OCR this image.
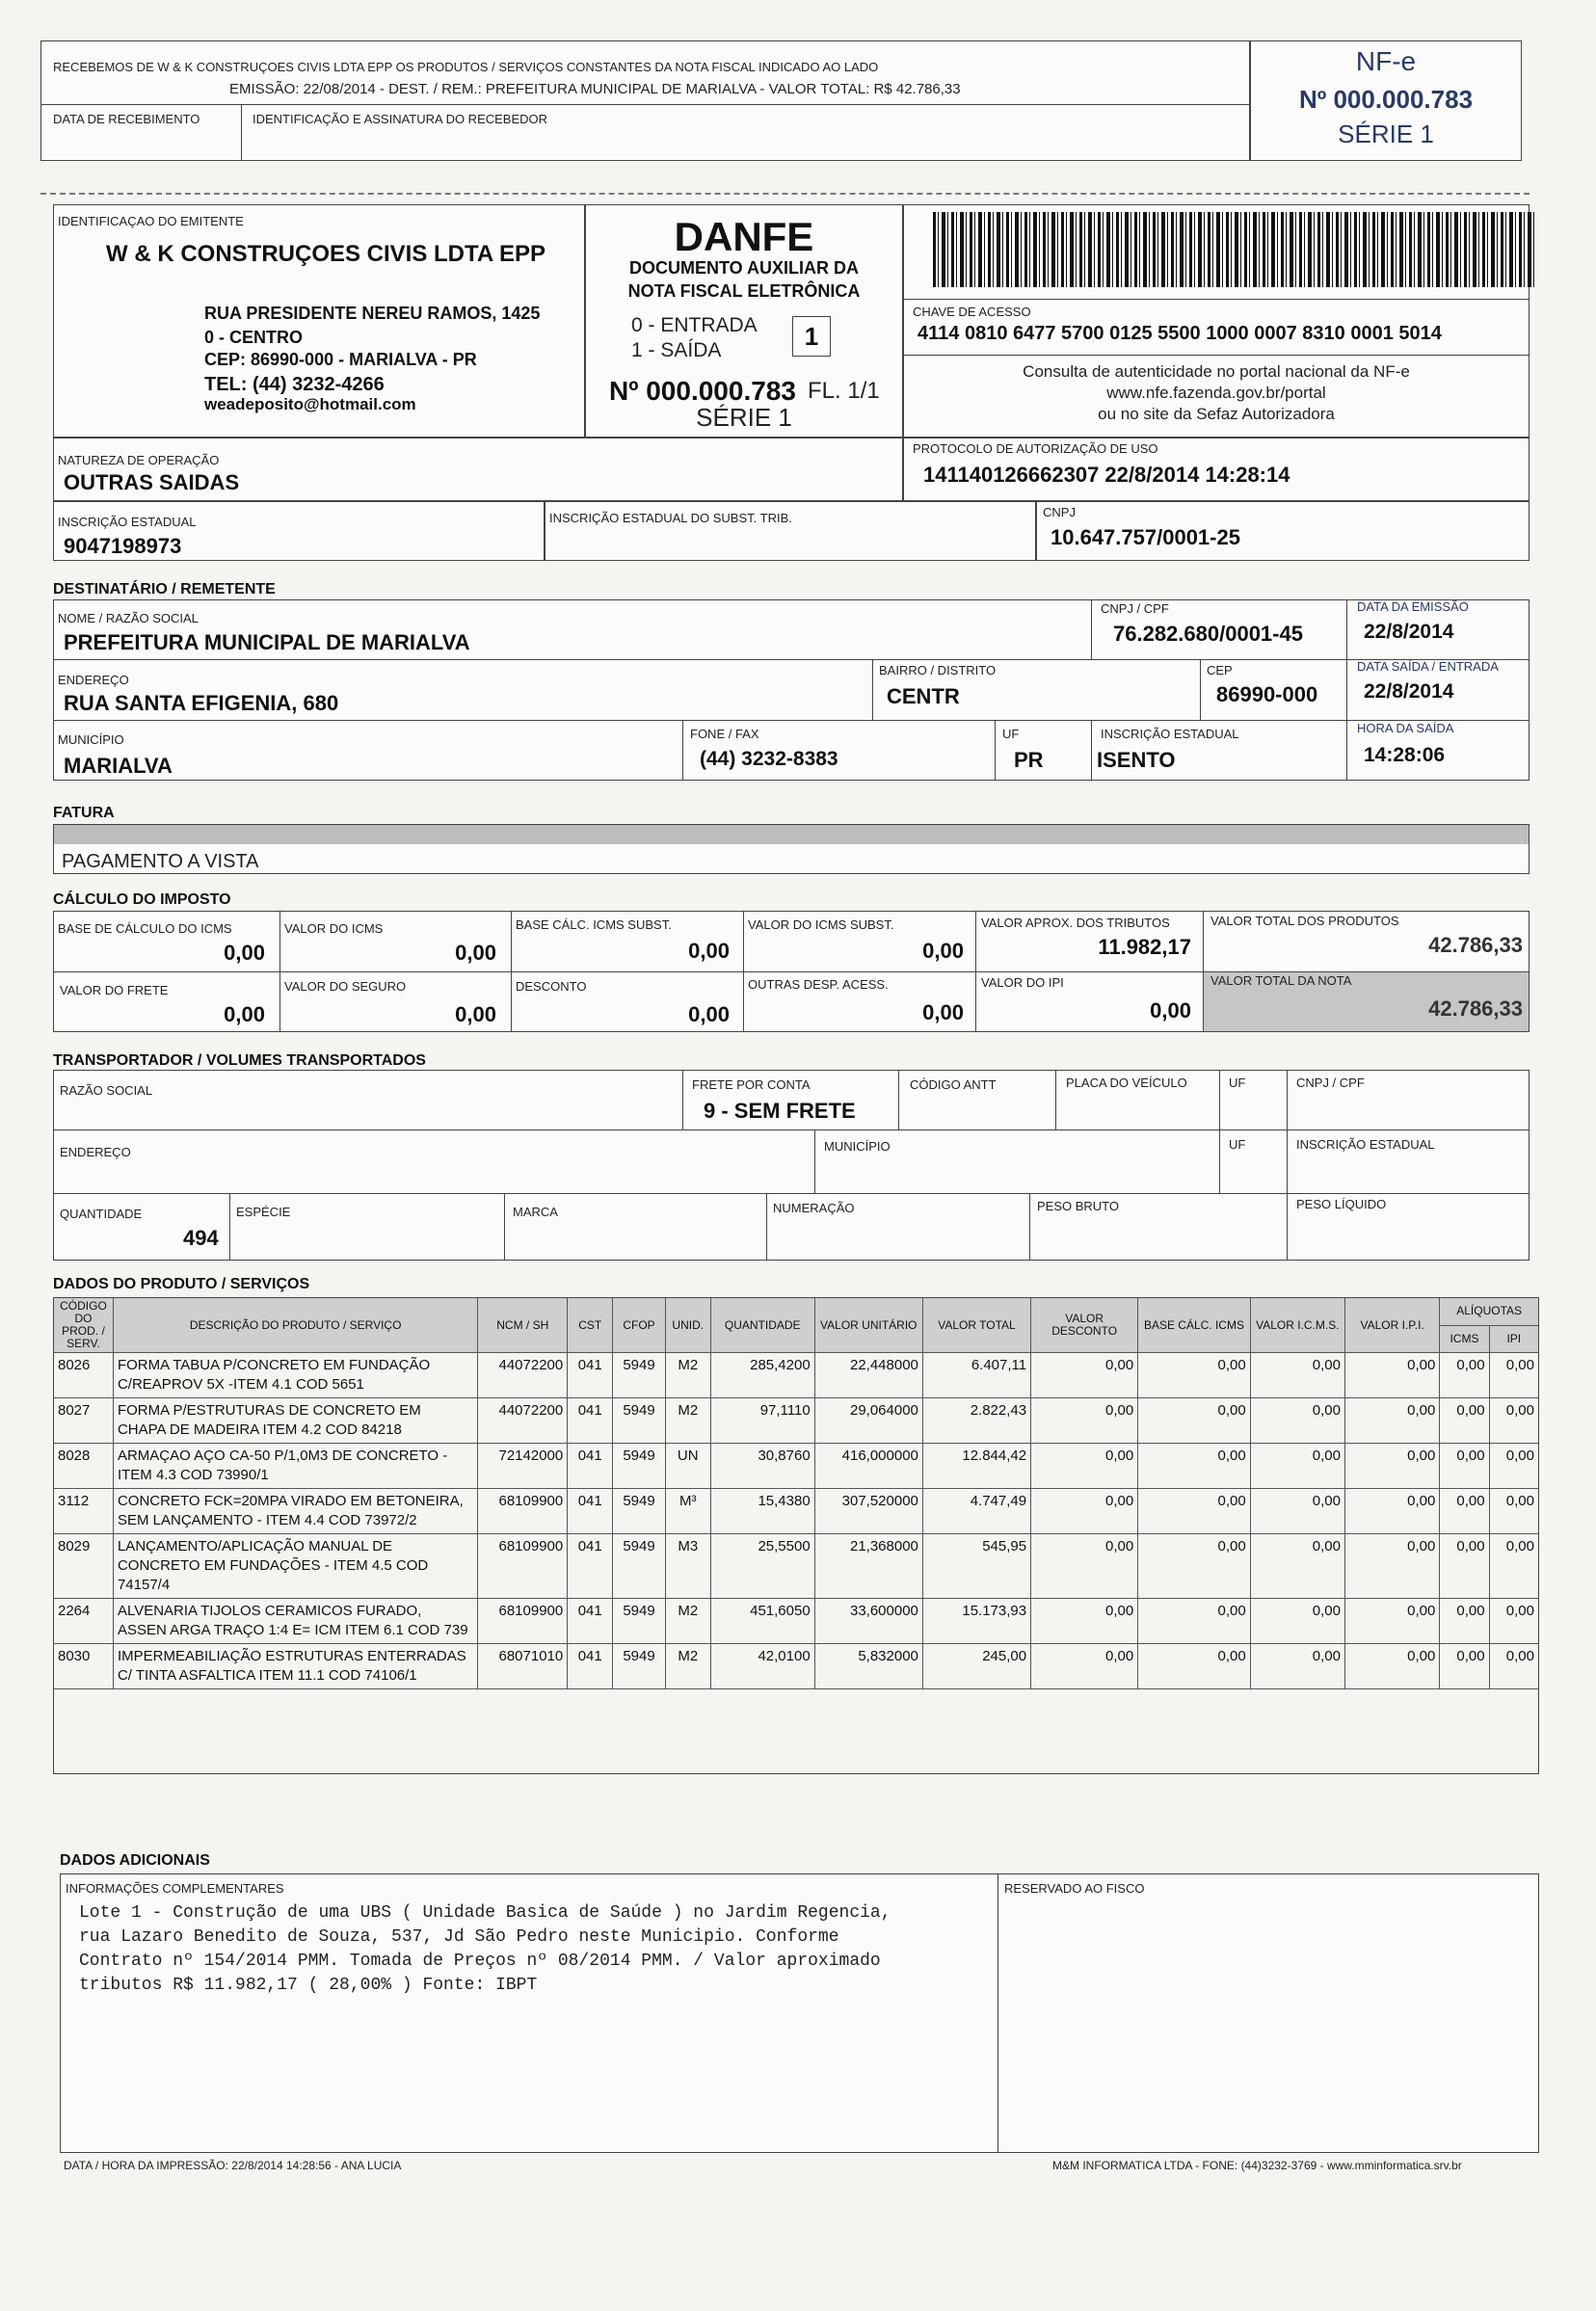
RECEBEMOS DE W & K CONSTRUÇOES CIVIS LDTA EPP OS PRODUTOS / SERVIÇOS CONSTANTES DA NOTA FISCAL INDICADO AO LADO
EMISSÃO: 22/08/2014 - DEST. / REM.: PREFEITURA MUNICIPAL DE MARIALVA - VALOR TOTAL: R$ 42.786,33
DATA DE RECEBIMENTO	IDENTIFICAÇÃO E ASSINATURA DO RECEBEDOR
NF-e
Nº 000.000.783
SÉRIE 1
IDENTIFICAÇAO DO EMITENTE
W & K CONSTRUÇOES CIVIS LDTA EPP
RUA PRESIDENTE NEREU RAMOS, 1425
0 - CENTRO
CEP: 86990-000 - MARIALVA - PR
TEL: (44) 3232-4266
weadeposito@hotmail.com
DANFE
DOCUMENTO AUXILIAR DA
NOTA FISCAL ELETRÔNICA
0 - ENTRADA
1 - SAÍDA	1
Nº 000.000.783 FL. 1/1
SÉRIE 1
CHAVE DE ACESSO
4114 0810 6477 5700 0125 5500 1000 0007 8310 0001 5014
Consulta de autenticidade no portal nacional da NF-e
www.nfe.fazenda.gov.br/portal
ou no site da Sefaz Autorizadora
NATUREZA DE OPERAÇÃO
OUTRAS SAIDAS
PROTOCOLO DE AUTORIZAÇÃO DE USO
141140126662307 22/8/2014 14:28:14
INSCRIÇÃO ESTADUAL
9047198973
INSCRIÇÃO ESTADUAL DO SUBST. TRIB.	CNPJ
10.647.757/0001-25
DESTINATÁRIO / REMETENTE
NOME / RAZÃO SOCIAL
PREFEITURA MUNICIPAL DE MARIALVA
CNPJ / CPF
76.282.680/0001-45
DATA DA EMISSÃO
22/8/2014
ENDEREÇO
RUA SANTA EFIGENIA, 680
BAIRRO / DISTRITO
CENTR
CEP
86990-000
DATA SAÍDA / ENTRADA
22/8/2014
MUNICÍPIO
MARIALVA
FONE / FAX
(44) 3232-8383
UF
PR
INSCRIÇÃO ESTADUAL
ISENTO
HORA DA SAÍDA
14:28:06
FATURA
PAGAMENTO A VISTA
CÁLCULO DO IMPOSTO
BASE DE CÁLCULO DO ICMS
0,00
VALOR DO ICMS
0,00
BASE CÁLC. ICMS SUBST.
0,00
VALOR DO ICMS SUBST.
0,00
VALOR APROX. DOS TRIBUTOS
11.982,17
VALOR TOTAL DOS PRODUTOS
42.786,33
VALOR DO FRETE
0,00
VALOR DO SEGURO
0,00
DESCONTO
0,00
OUTRAS DESP. ACESS.
0,00
VALOR DO IPI
0,00
VALOR TOTAL DA NOTA
42.786,33
TRANSPORTADOR / VOLUMES TRANSPORTADOS
RAZÃO SOCIAL	FRETE POR CONTA
9 - SEM FRETE
CÓDIGO ANTT	PLACA DO VEÍCULO	UF	CNPJ / CPF
ENDEREÇO	MUNICÍPIO	UF	INSCRIÇÃO ESTADUAL
QUANTIDADE
494
ESPÉCIE	MARCA	NUMERAÇÃO	PESO BRUTO	PESO LÍQUIDO
DADOS DO PRODUTO / SERVIÇOS
CÓDIGO DO PROD. / SERV.	DESCRIÇÃO DO PRODUTO / SERVIÇO	NCM / SH	CST	CFOP	UNID.	QUANTIDADE	VALOR UNITÁRIO	VALOR TOTAL	VALOR DESCONTO	BASE CÁLC. ICMS	VALOR I.C.M.S.	VALOR I.P.I.	ALÍQUOTAS	
													ICMS	IPI
8026	FORMA TABUA P/CONCRETO EM FUNDAÇÃO C/REAPROV 5X -ITEM 4.1 COD 5651	44072200	041	5949	M2	285,4200	22,448000	6.407,11	0,00	0,00	0,00	0,00	0,00	0,00
8027	FORMA P/ESTRUTURAS DE CONCRETO EM CHAPA DE MADEIRA ITEM 4.2 COD 84218	44072200	041	5949	M2	97,1110	29,064000	2.822,43	0,00	0,00	0,00	0,00	0,00	0,00
8028	ARMAÇAO AÇO CA-50 P/1,0M3 DE CONCRETO - ITEM 4.3 COD 73990/1	72142000	041	5949	UN	30,8760	416,000000	12.844,42	0,00	0,00	0,00	0,00	0,00	0,00
3112	CONCRETO FCK=20MPA VIRADO EM BETONEIRA, SEM LANÇAMENTO - ITEM 4.4 COD 73972/2	68109900	041	5949	M³	15,4380	307,520000	4.747,49	0,00	0,00	0,00	0,00	0,00	0,00
8029	LANÇAMENTO/APLICAÇÃO MANUAL DE CONCRETO EM FUNDAÇÕES - ITEM 4.5 COD 74157/4	68109900	041	5949	M3	25,5500	21,368000	545,95	0,00	0,00	0,00	0,00	0,00	0,00
2264	ALVENARIA TIJOLOS CERAMICOS FURADO, ASSEN ARGA TRAÇO 1:4 E= ICM ITEM 6.1 COD 739	68109900	041	5949	M2	451,6050	33,600000	15.173,93	0,00	0,00	0,00	0,00	0,00	0,00
8030	IMPERMEABILIAÇÃO ESTRUTURAS ENTERRADAS C/ TINTA ASFALTICA ITEM 11.1 COD 74106/1	68071010	041	5949	M2	42,0100	5,832000	245,00	0,00	0,00	0,00	0,00	0,00	0,00
DADOS ADICIONAIS
INFORMAÇÕES COMPLEMENTARES
Lote 1 - Construção de uma UBS ( Unidade Basica de Saúde ) no Jardim Regencia,
rua Lazaro Benedito de Souza, 537, Jd São Pedro neste Municipio. Conforme
Contrato nº 154/2014 PMM. Tomada de Preços nº 08/2014 PMM. / Valor aproximado
tributos R$ 11.982,17 ( 28,00% ) Fonte: IBPT
RESERVADO AO FISCO
DATA / HORA DA IMPRESSÃO: 22/8/2014 14:28:56 - ANA LUCIA	M&M INFORMATICA LTDA - FONE: (44)3232-3769 - www.mminformatica.srv.br
